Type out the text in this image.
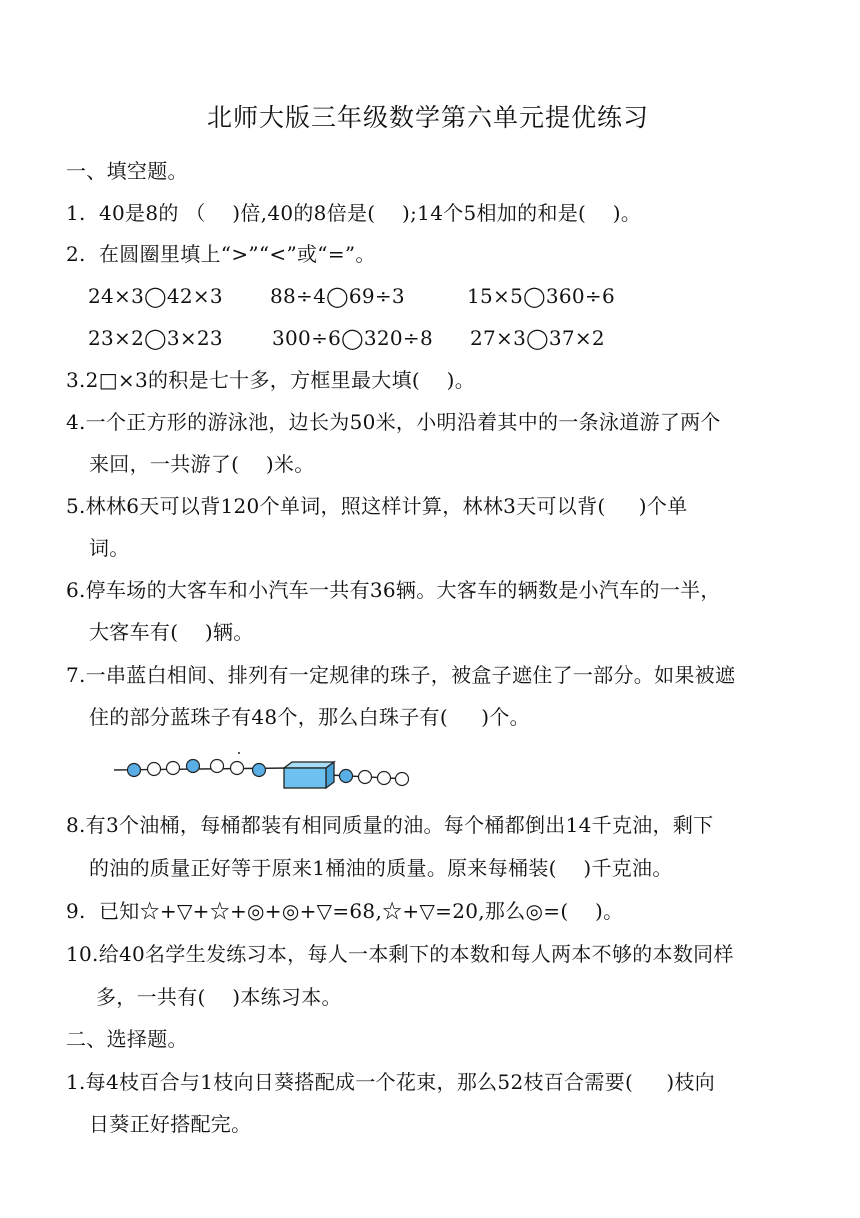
北师大版三年级数学第六单元提优练习
一、填空题。
1.  40是8的 （    )倍,40的8倍是(    );14个5相加的和是(    )。
2.  在圆圈里填上“>”“<”或“=”。
24×3◯42×3 88÷4◯69÷3	15×5◯360÷6
23×2◯3×23 300÷6◯320÷8 27×3◯37×2
3.2□×3的积是七十多，方框里最大填(    )。
4.一个正方形的游泳池，边长为50米，小明沿着其中的一条泳道游了两个
来回，一共游了(    )米。
5.林林6天可以背120个单词，照这样计算，林林3天可以背(     )个单
词。
6.停车场的大客车和小汽车一共有36辆。大客车的辆数是小汽车的一半，
大客车有(    )辆。
7.一串蓝白相间、排列有一定规律的珠子，被盒子遮住了一部分。如果被遮
住的部分蓝珠子有48个，那么白珠子有(     )个。
8.有3个油桶，每桶都装有相同质量的油。每个桶都倒出14千克油，剩下
的油的质量正好等于原来1桶油的质量。原来每桶装(    )千克油。
9.  已知☆+▽+☆+◎+◎+▽=68,☆+▽=20,那么◎=(    )。
10.给40名学生发练习本，每人一本剩下的本数和每人两本不够的本数同样
多，一共有(    )本练习本。
二、选择题。
1.每4枝百合与1枝向日葵搭配成一个花束，那么52枝百合需要(     )枝向
日葵正好搭配完。
